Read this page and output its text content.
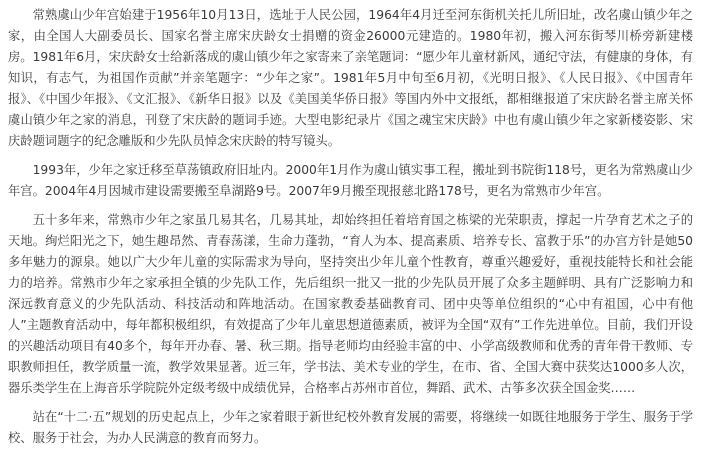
常熟虞山少年宫始建于1956年10月13日，选址于人民公园，1964年4月迁至河东街机关托儿所旧址，改名虞山镇少年之家，由全国人大副委员长、国家名誉主席宋庆龄女士捐赠的资金26000元建造的。1980年初，搬入河东街琴川桥旁新建楼房。1981年6月，宋庆龄女士给新落成的虞山镇少年之家寄来了亲笔题词：“愿少年儿童材新风，通纪守法，有健康的身体，有知识，有志气，为祖国作贡献”并亲笔题字：“少年之家”。1981年5月中旬至6月初，《光明日报》、《人民日报》、《中国青年报》、《中国少年报》、《文汇报》、《新华日报》以及《美国美华侨日报》等国内外中文报纸，都相继报道了宋庆龄名誉主席关怀虞山镇少年之家的消息，刊登了宋庆龄的题词手迹。大型电影纪录片《国之魂宝宋庆龄》中也有虞山镇少年之家新楼姿影、宋庆龄题词题字的纪念雕版和少先队员悼念宋庆龄的特写镜头。

1993年，少年之家迁移至草荡镇政府旧址内。2000年1月作为虞山镇实事工程，搬址到书院街118号，更名为常熟虞山少年宫。2004年4月因城市建设需要搬至阜湖路9号。2007年9月搬至现报慈北路178号，更名为常熟市少年宫。

五十多年来，常熟市少年之家虽几易其名，几易其址，却始终担任着培育国之栋梁的光荣职责，撑起一片孕育艺术之子的天地。绚烂阳光之下，她生趣昂然、青春荡漾，生命力蓬勃，“育人为本、提高素质、培养专长、富教于乐”的办宫方针是她50多年魅力的源泉。她以广大少年儿童的实际需求为导向，坚持突出少年儿童个性教育，尊重兴趣爱好，重视技能特长和社会能力的培养。常熟市少年之家承担全镇的少先队工作，先后组织一批又一批的少先队员开展了众多主题鲜明、具有广泛影响力和深远教育意义的少先队活动、科技活动和阵地活动。在国家教委基础教育司、团中央等单位组织的“心中有祖国，心中有他人”主题教育活动中，每年都积极组织，有效提高了少年儿童思想道德素质，被评为全国“双有”工作先进单位。目前，我们开设的兴趣活动项目有40多个，每年开办春、暑、秋三期。指导老师均由经验丰富的中、小学高级教师和优秀的青年骨干教师、专职教师担任，教学质量一流，教学效果显著。近三年，学书法、美术专业的学生，在市、省、全国大赛中获奖达1000多人次，器乐类学生在上海音乐学院院外定级考级中成绩优异，合格率占苏州市首位，舞蹈、武术、古筝多次获全国金奖……

站在“十二·五”规划的历史起点上，少年之家着眼于新世纪校外教育发展的需要，将继续一如既往地服务于学生、服务于学校、服务于社会，为办人民满意的教育而努力。
